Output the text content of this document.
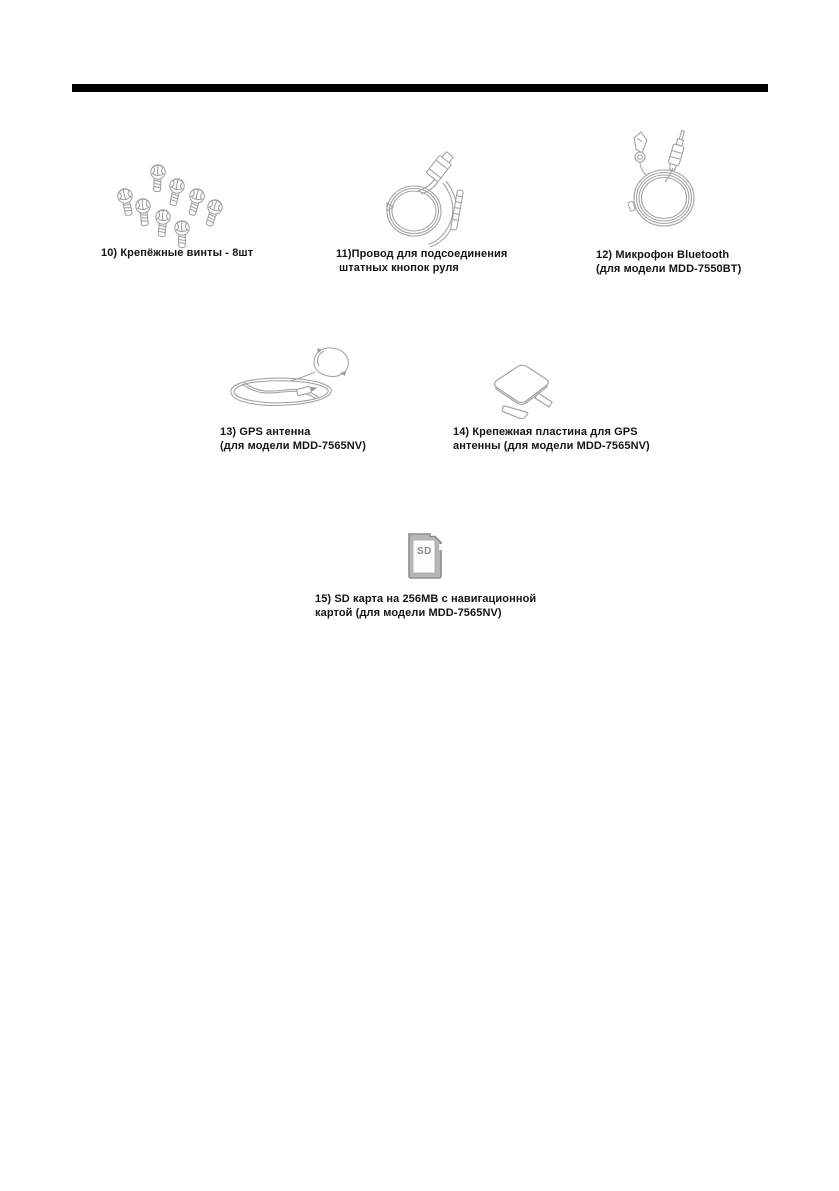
10) Крепёжные винты - 8шт	11)Провод для подсоединения
штатных кнопок руля
12) Микрофон Bluetooth
(для модели MDD-7550BT)
13) GPS антенна
(для модели MDD-7565NV)
14) Крепежная пластина для GPS
антенны (для модели MDD-7565NV)
SD
15) SD карта на 256MB с навигационной
картой (для модели MDD-7565NV)
